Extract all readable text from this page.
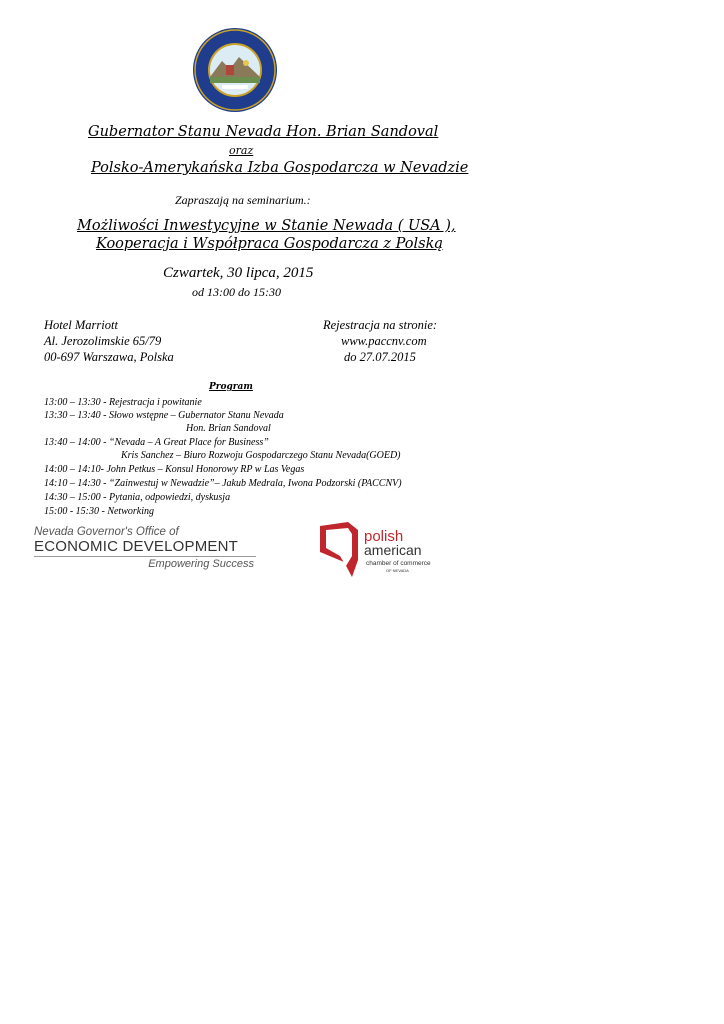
Gubernator Stanu Nevada Hon. Brian Sandoval
oraz
Polsko-Amerykańska Izba Gospodarcza w Nevadzie
Zapraszają na seminarium.:
Możliwości Inwestycyjne w Stanie Newada ( USA ),
Kooperacja i Współpraca Gospodarcza z Polską
Czwartek, 30 lipca, 2015
od 13:00 do 15:30
Hotel Marriott
Al. Jerozolimskie 65/79
00-697 Warszawa, Polska
Rejestracja na stronie:
www.paccnv.com
do 27.07.2015
Program
13:00 – 13:30 - Rejestracja i powitanie
13:30 – 13:40 - Słowo wstępne – Gubernator Stanu Nevada
Hon. Brian Sandoval
13:40 – 14:00 - “Nevada – A Great Place for Business”
Kris Sanchez – Biuro Rozwoju Gospodarczego Stanu Nevada(GOED)
14:00 – 14:10- John Petkus – Konsul Honorowy RP w Las Vegas
14:10 – 14:30 - “Zainwestuj w Newadzie”– Jakub Medrala, Iwona Podzorski (PACCNV)
14:30 – 15:00 - Pytania, odpowiedzi, dyskusja
15:00 - 15:30 - Networking
Nevada Governor's Office of
ECONOMIC DEVELOPMENT
Empowering Success
polish
american
chamber of commerce
OF NEVADA
